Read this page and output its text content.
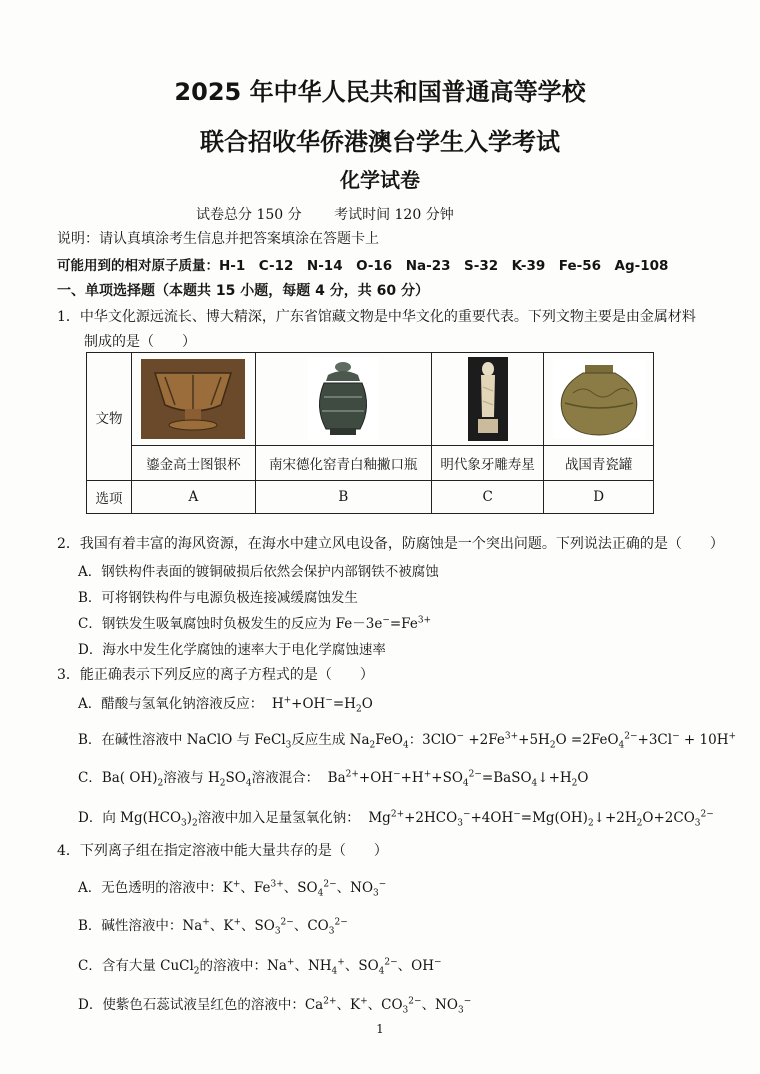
2025 年中华人民共和国普通高等学校
联合招收华侨港澳台学生入学考试
化学试卷
试卷总分 150 分 考试时间 120 分钟
说明：请认真填涂考生信息并把答案填涂在答题卡上
可能用到的相对原子质量：H-1　C-12　N-14　O-16　Na-23　S-32　K-39　Fe-56　Ag-108
一、单项选择题（本题共 15 小题，每题 4 分，共 60 分）
1．中华文化源远流长、博大精深，广东省馆藏文物是中华文化的重要代表。下列文物主要是由金属材料
制成的是（　　）
文物	

	鎏金高士图银杯	南宋德化窑青白釉撇口瓶	明代象牙雕寿星	战国青瓷罐
选项	A	B	C	D
2．我国有着丰富的海风资源，在海水中建立风电设备，防腐蚀是一个突出问题。下列说法正确的是（　　）
A．钢铁构件表面的镀铜破损后依然会保护内部钢铁不被腐蚀
B．可将钢铁构件与电源负极连接减缓腐蚀发生
C．钢铁发生吸氧腐蚀时负极发生的反应为 $Fe-3e^-=Fe^{3+}$
D．海水中发生化学腐蚀的速率大于电化学腐蚀速率
3．能正确表示下列反应的离子方程式的是（　　）
A．醋酸与氢氧化钠溶液反应：  $H^++OH^-=H_2O$
B．在碱性溶液中 NaClO 与 FeCl$_3$反应生成 $Na_2FeO_4$：$3ClO^- +2Fe^{3+}+5H_2O =2FeO_4^{2-}+3Cl^- + 10H^+$
C．Ba( $OH)_2$溶液与 $H_2SO_4$溶液混合：  $Ba^{2+}+OH^-+H^++SO_4^{2-}=BaSO_4↓+H_2O$
D．向 $Mg(HCO_3)_2$溶液中加入足量氢氧化钠：  $Mg^{2+}+2HCO_3^-+4OH^-=Mg(OH)_2↓+2H_2O+2CO_3^{2-}$
4．下列离子组在指定溶液中能大量共存的是（　　）
A．无色透明的溶液中：K+、$Fe^{3+}$、$SO_4^{2-}$、$NO_3^-$
B．碱性溶液中：Na+、K+、$SO_3^{2-}$、$CO_3^{2-}$
C．含有大量 CuCl$_2$的溶液中：Na+、$NH_4^+$、$SO_4^{2-}$、OH−
D．使紫色石蕊试液呈红色的溶液中：$Ca^{2+}$、K+、$CO_3^{2-}$、$NO_3^-$
1
